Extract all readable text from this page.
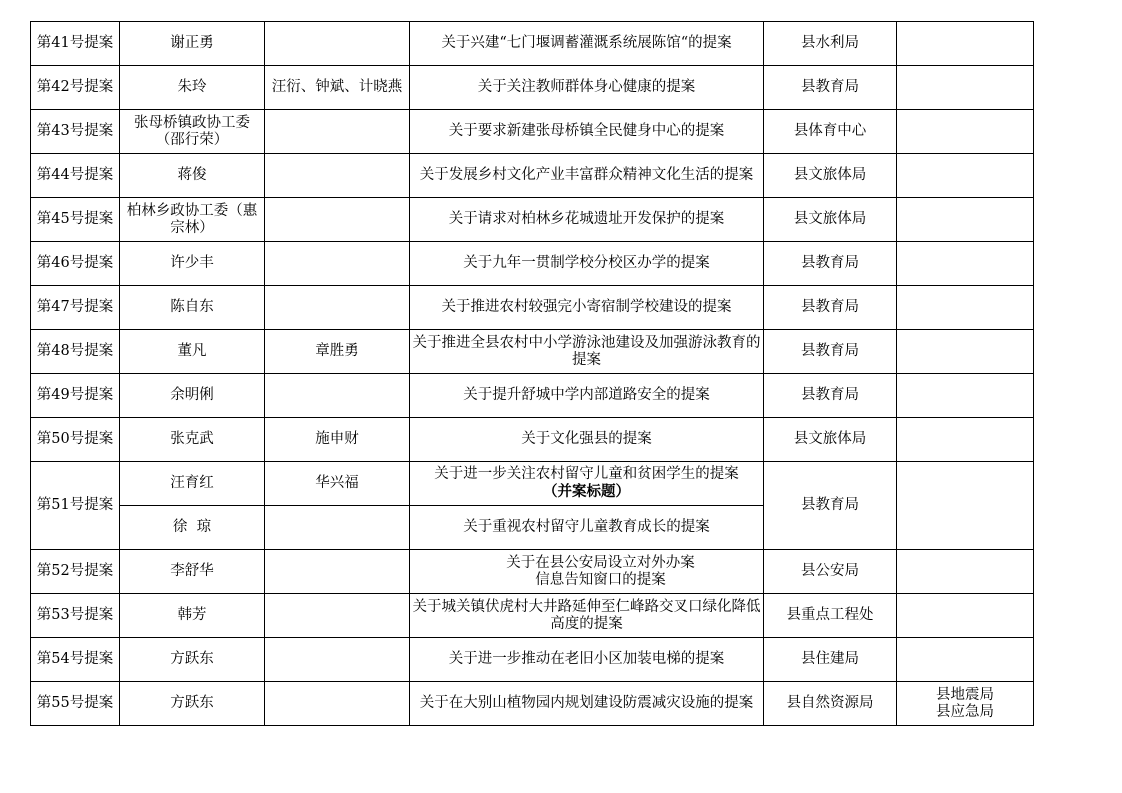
第41号提案	谢正勇		关于兴建“七门堰调蓄灌溉系统展陈馆“的提案	县水利局	
第42号提案	朱玲	汪衍、钟斌、计晓燕	关于关注教师群体身心健康的提案	县教育局	
第43号提案	张母桥镇政协工委（邵行荣）		关于要求新建张母桥镇全民健身中心的提案	县体育中心	
第44号提案	蒋俊		关于发展乡村文化产业丰富群众精神文化生活的提案	县文旅体局	
第45号提案	柏林乡政协工委（惠宗林）		关于请求对柏林乡花城遗址开发保护的提案	县文旅体局	
第46号提案	许少丰		关于九年一贯制学校分校区办学的提案	县教育局	
第47号提案	陈自东		关于推进农村较强完小寄宿制学校建设的提案	县教育局	
第48号提案	董凡	章胜勇	关于推进全县农村中小学游泳池建设及加强游泳教育的提案	县教育局	
第49号提案	余明俐		关于提升舒城中学内部道路安全的提案	县教育局	
第50号提案	张克武	施申财	关于文化强县的提案	县文旅体局	
第51号提案	汪育红	华兴福	关于进一步关注农村留守儿童和贫困学生的提案
（并案标题）	县教育局	
	徐  琼		关于重视农村留守儿童教育成长的提案		
第52号提案	李舒华		关于在县公安局设立对外办案
信息告知窗口的提案	县公安局	
第53号提案	韩芳		关于城关镇伏虎村大井路延伸至仁峰路交叉口绿化降低高度的提案	县重点工程处	
第54号提案	方跃东		关于进一步推动在老旧小区加装电梯的提案	县住建局	
第55号提案	方跃东		关于在大别山植物园内规划建设防震减灾设施的提案	县自然资源局	县地震局
县应急局
